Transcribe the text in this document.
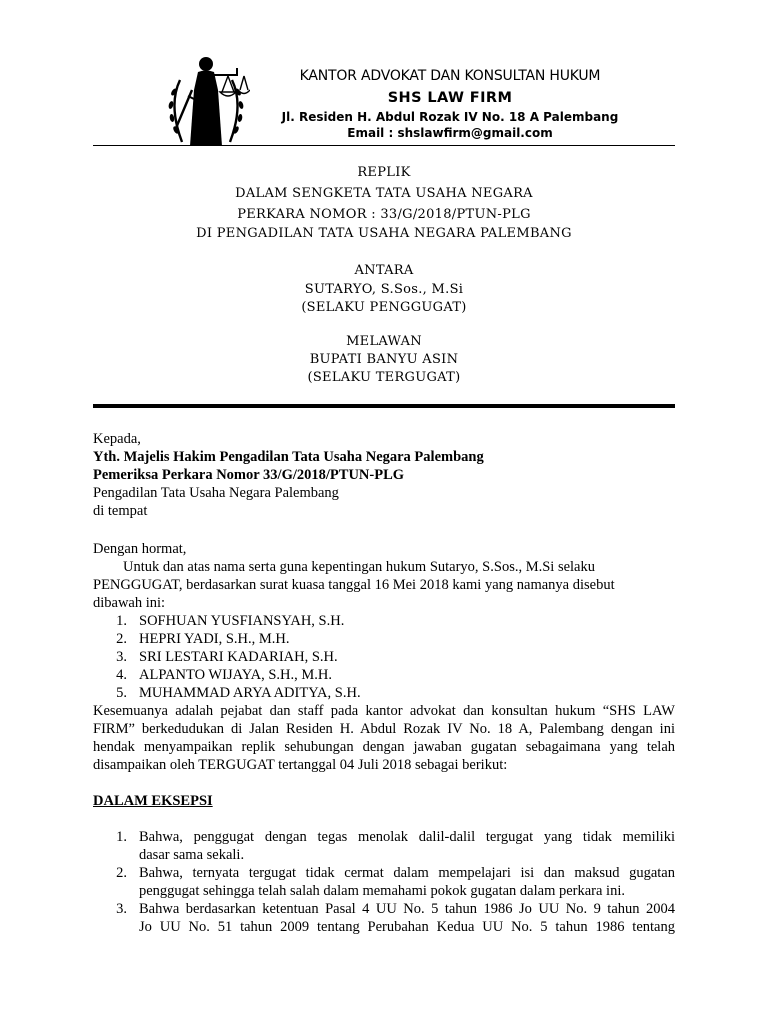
KANTOR ADVOKAT DAN KONSULTAN HUKUM
SHS LAW FIRM
Jl. Residen H. Abdul Rozak IV No. 18 A Palembang
Email : shslawfirm@gmail.com
REPLIK
DALAM SENGKETA TATA USAHA NEGARA
PERKARA NOMOR : 33/G/2018/PTUN-PLG
DI PENGADILAN TATA USAHA NEGARA PALEMBANG
ANTARA
SUTARYO, S.Sos., M.Si
(SELAKU PENGGUGAT)
MELAWAN
BUPATI BANYU ASIN
(SELAKU TERGUGAT)
Kepada,
Yth. Majelis Hakim Pengadilan Tata Usaha Negara Palembang
Pemeriksa Perkara Nomor 33/G/2018/PTUN-PLG
Pengadilan Tata Usaha Negara Palembang
di tempat
Dengan hormat,
Untuk dan atas nama serta guna kepentingan hukum Sutaryo, S.Sos., M.Si selaku
PENGGUGAT, berdasarkan surat kuasa tanggal 16 Mei 2018 kami yang namanya disebut
dibawah ini:
1. SOFHUAN YUSFIANSYAH, S.H.
2. HEPRI YADI, S.H., M.H.
3. SRI LESTARI KADARIAH, S.H.
4. ALPANTO WIJAYA, S.H., M.H.
5. MUHAMMAD ARYA ADITYA, S.H.
Kesemuanya adalah pejabat dan staff pada kantor advokat dan konsultan hukum “SHS LAW
FIRM” berkedudukan di Jalan Residen H. Abdul Rozak IV No. 18 A, Palembang dengan ini
hendak menyampaikan replik sehubungan dengan jawaban gugatan sebagaimana yang telah
disampaikan oleh TERGUGAT tertanggal 04 Juli 2018 sebagai berikut:
DALAM EKSEPSI
1. Bahwa, penggugat dengan tegas menolak dalil-dalil tergugat yang tidak memiliki
dasar sama sekali.
2. Bahwa, ternyata tergugat tidak cermat dalam mempelajari isi dan maksud gugatan
penggugat sehingga telah salah dalam memahami pokok gugatan dalam perkara ini.
3. Bahwa berdasarkan ketentuan Pasal 4 UU No. 5 tahun 1986 Jo UU No. 9 tahun 2004
Jo UU No. 51 tahun 2009 tentang Perubahan Kedua UU No. 5 tahun 1986 tentang
